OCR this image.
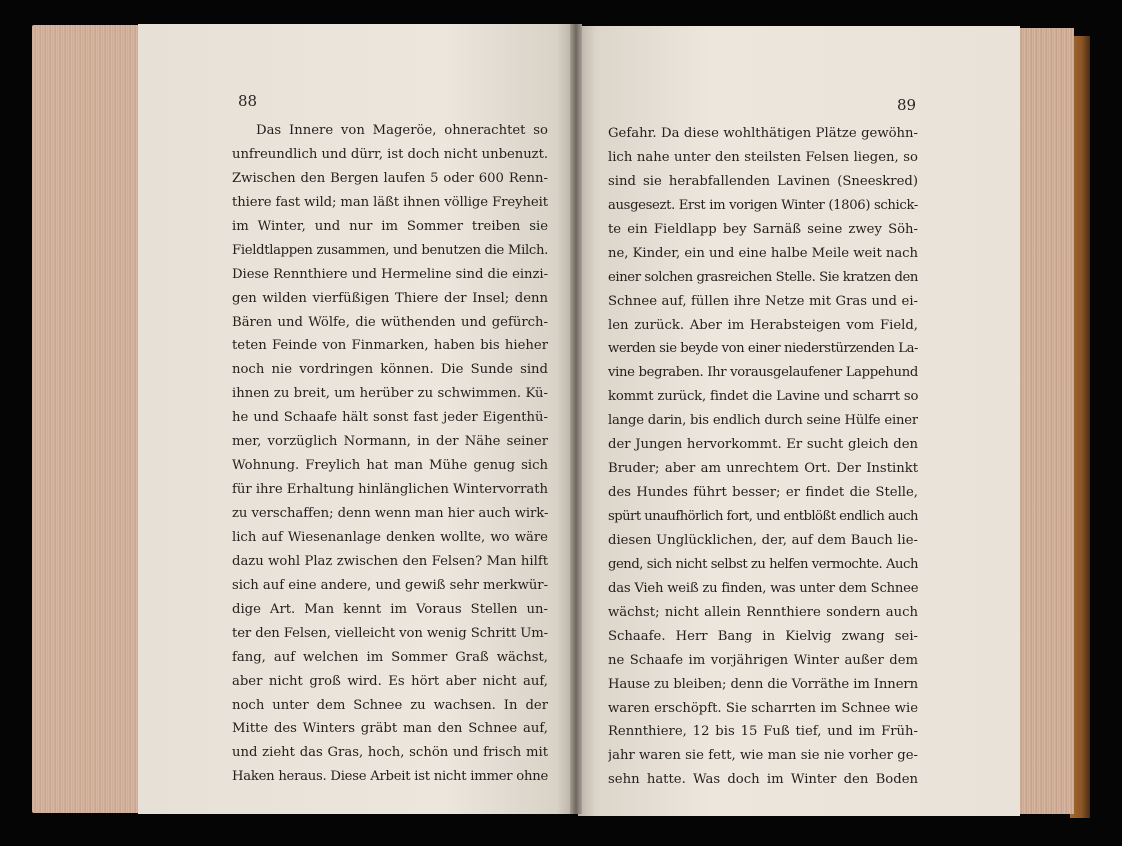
88	89
Das Innere von Mageröe, ohnerachtet so
unfreundlich und dürr, ist doch nicht unbenuzt.
Zwischen den Bergen laufen 5 oder 600 Renn-
thiere fast wild; man läßt ihnen völlige Freyheit
im Winter, und nur im Sommer treiben sie
Fieldtlappen zusammen, und benutzen die Milch.
Diese Rennthiere und Hermeline sind die einzi-
gen wilden vierfüßigen Thiere der Insel; denn
Bären und Wölfe, die wüthenden und gefürch-
teten Feinde von Finmarken, haben bis hieher
noch nie vordringen können. Die Sunde sind
ihnen zu breit, um herüber zu schwimmen. Kü-
he und Schaafe hält sonst fast jeder Eigenthü-
mer, vorzüglich Normann, in der Nähe seiner
Wohnung. Freylich hat man Mühe genug sich
für ihre Erhaltung hinlänglichen Wintervorrath
zu verschaffen; denn wenn man hier auch wirk-
lich auf Wiesenanlage denken wollte, wo wäre
dazu wohl Plaz zwischen den Felsen? Man hilft
sich auf eine andere, und gewiß sehr merkwür-
dige Art. Man kennt im Voraus Stellen un-
ter den Felsen, vielleicht von wenig Schritt Um-
fang, auf welchen im Sommer Graß wächst,
aber nicht groß wird. Es hört aber nicht auf,
noch unter dem Schnee zu wachsen. In der
Mitte des Winters gräbt man den Schnee auf,
und zieht das Gras, hoch, schön und frisch mit
Haken heraus. Diese Arbeit ist nicht immer ohne
Gefahr. Da diese wohlthätigen Plätze gewöhn-
lich nahe unter den steilsten Felsen liegen, so
sind sie herabfallenden Lavinen (Sneeskred)
ausgesezt. Erst im vorigen Winter (1806) schick-
te ein Fieldlapp bey Sarnäß seine zwey Söh-
ne, Kinder, ein und eine halbe Meile weit nach
einer solchen grasreichen Stelle. Sie kratzen den
Schnee auf, füllen ihre Netze mit Gras und ei-
len zurück. Aber im Herabsteigen vom Field,
werden sie beyde von einer niederstürzenden La-
vine begraben. Ihr vorausgelaufener Lappehund
kommt zurück, findet die Lavine und scharrt so
lange darin, bis endlich durch seine Hülfe einer
der Jungen hervorkommt. Er sucht gleich den
Bruder; aber am unrechtem Ort. Der Instinkt
des Hundes führt besser; er findet die Stelle,
spürt unaufhörlich fort, und entblößt endlich auch
diesen Unglücklichen, der, auf dem Bauch lie-
gend, sich nicht selbst zu helfen vermochte. Auch
das Vieh weiß zu finden, was unter dem Schnee
wächst; nicht allein Rennthiere sondern auch
Schaafe. Herr Bang in Kielvig zwang sei-
ne Schaafe im vorjährigen Winter außer dem
Hause zu bleiben; denn die Vorräthe im Innern
waren erschöpft. Sie scharrten im Schnee wie
Rennthiere, 12 bis 15 Fuß tief, und im Früh-
jahr waren sie fett, wie man sie nie vorher ge-
sehn hatte. Was doch im Winter den Boden
